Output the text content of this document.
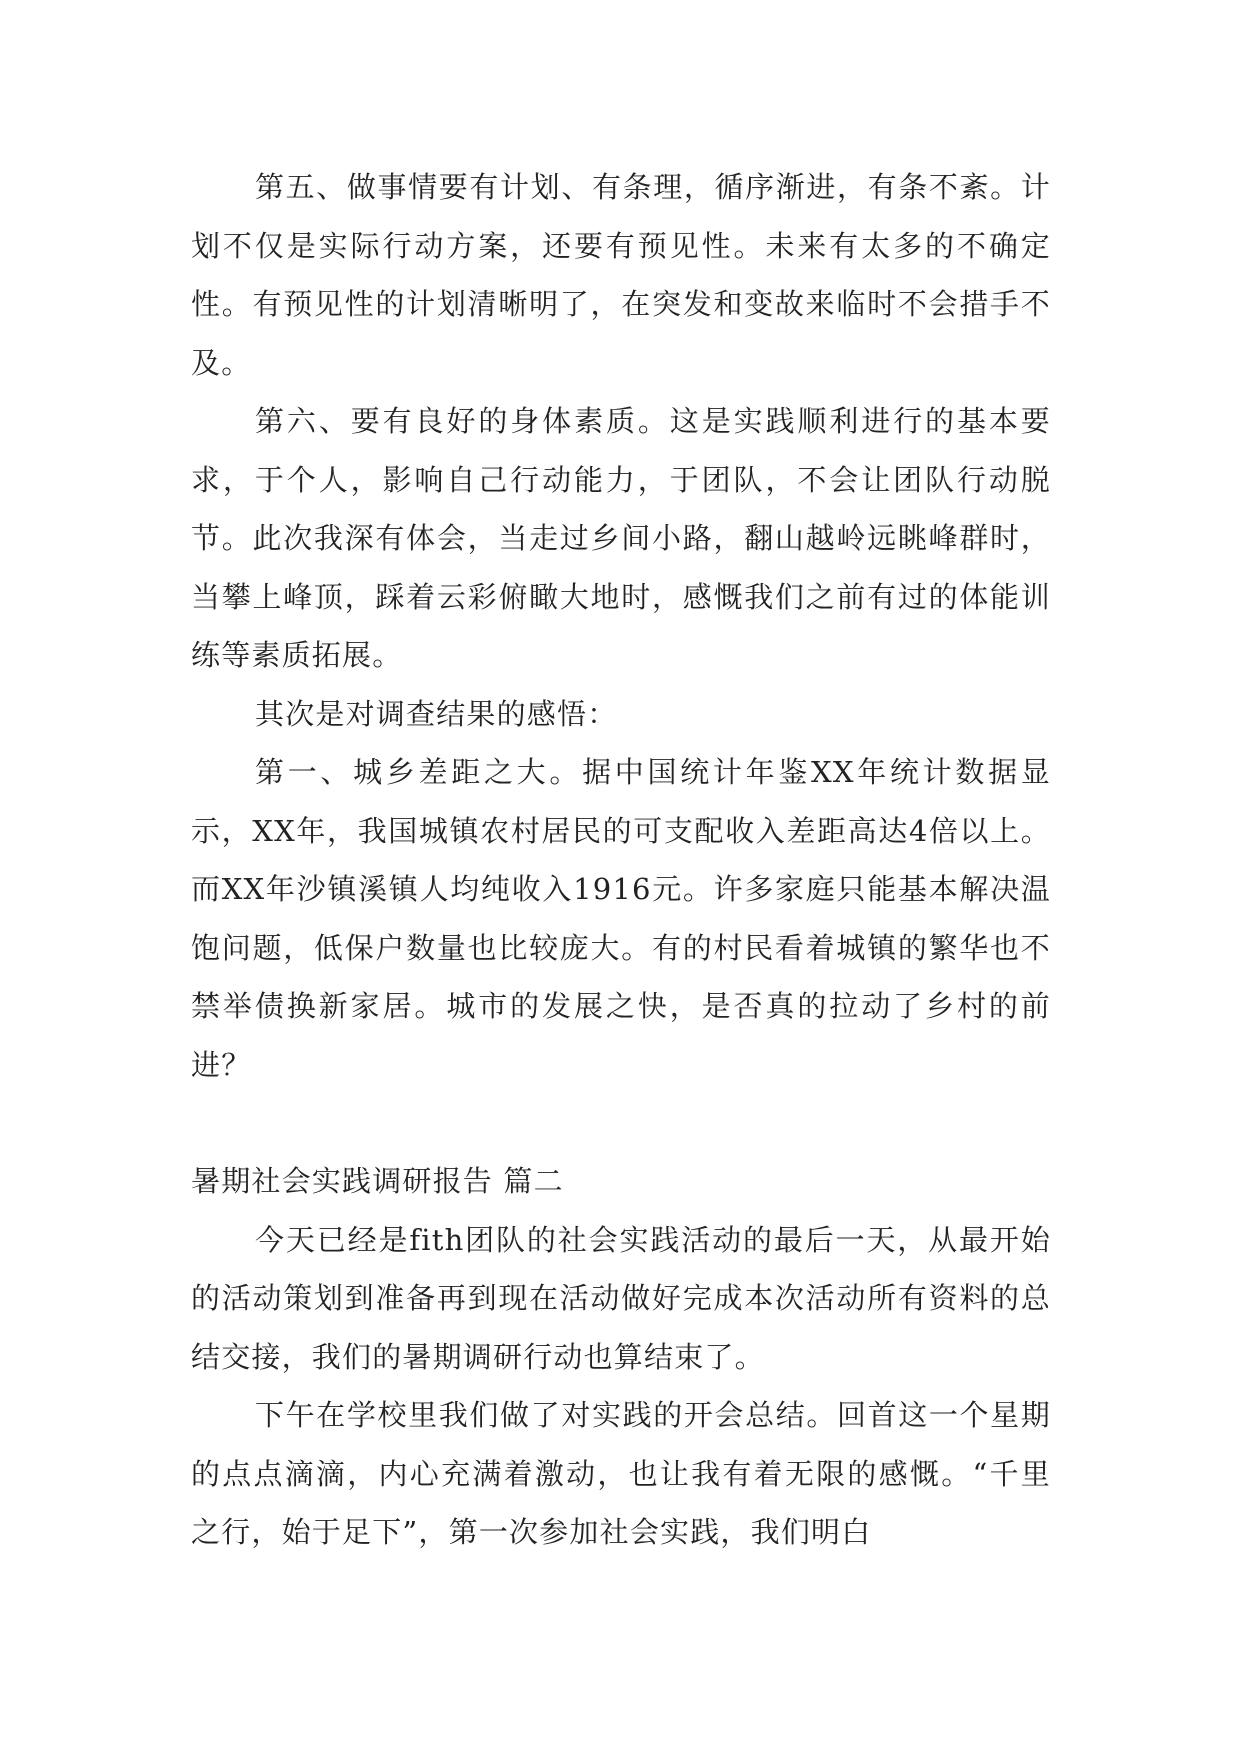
第五、做事情要有计划、有条理，循序渐进，有条不紊。计划不仅是实际行动方案，还要有预见性。未来有太多的不确定性。有预见性的计划清晰明了，在突发和变故来临时不会措手不及。

第六、要有良好的身体素质。这是实践顺利进行的基本要求，于个人，影响自己行动能力，于团队，不会让团队行动脱节。此次我深有体会，当走过乡间小路，翻山越岭远眺峰群时，当攀上峰顶，踩着云彩俯瞰大地时，感慨我们之前有过的体能训练等素质拓展。

其次是对调查结果的感悟：

第一、城乡差距之大。据中国统计年鉴XX年统计数据显示，XX年，我国城镇农村居民的可支配收入差距高达4倍以上。而XX年沙镇溪镇人均纯收入1916元。许多家庭只能基本解决温饱问题，低保户数量也比较庞大。有的村民看着城镇的繁华也不禁举债换新家居。城市的发展之快，是否真的拉动了乡村的前进？

暑期社会实践调研报告 篇二

今天已经是fith团队的社会实践活动的最后一天，从最开始的活动策划到准备再到现在活动做好完成本次活动所有资料的总结交接，我们的暑期调研行动也算结束了。

下午在学校里我们做了对实践的开会总结。回首这一个星期的点点滴滴，内心充满着激动，也让我有着无限的感慨。“千里之行，始于足下”，第一次参加社会实践，我们明白
